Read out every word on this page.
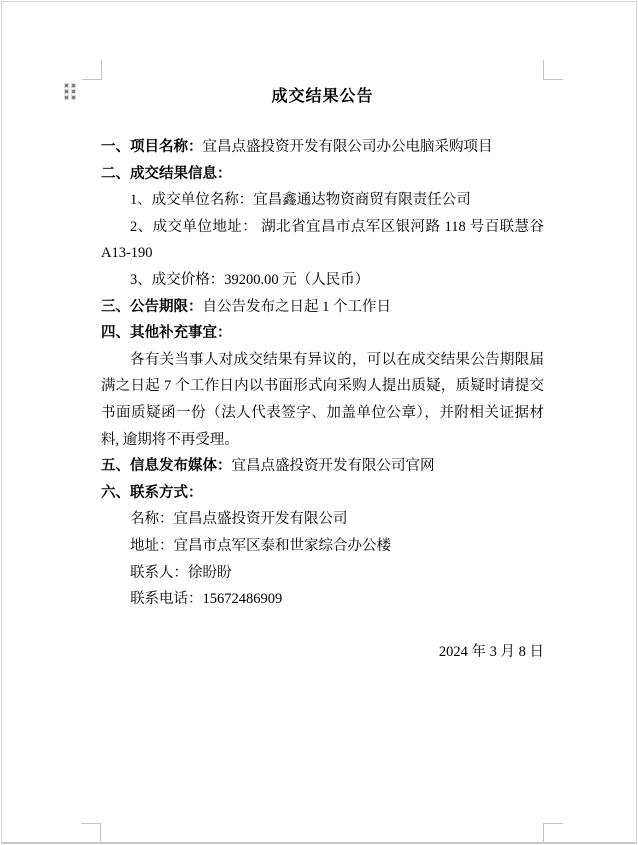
成交结果公告

一、项目名称：宜昌点盛投资开发有限公司办公电脑采购项目

二、成交结果信息：

1、成交单位名称：宜昌鑫通达物资商贸有限责任公司

2、成交单位地址： 湖北省宜昌市点军区银河路 118 号百联慧谷

A13-190

3、成交价格：39200.00 元（人民币）

三、公告期限：自公告发布之日起 1 个工作日

四、其他补充事宜：

各有关当事人对成交结果有异议的，可以在成交结果公告期限届

满之日起 7 个工作日内以书面形式向采购人提出质疑，质疑时请提交

书面质疑函一份（法人代表签字、加盖单位公章），并附相关证据材

料, 逾期将不再受理。

五、信息发布媒体：宜昌点盛投资开发有限公司官网

六、联系方式：

名称：宜昌点盛投资开发有限公司

地址：宜昌市点军区泰和世家综合办公楼

联系人：徐盼盼

联系电话：15672486909

2024 年 3 月 8 日
